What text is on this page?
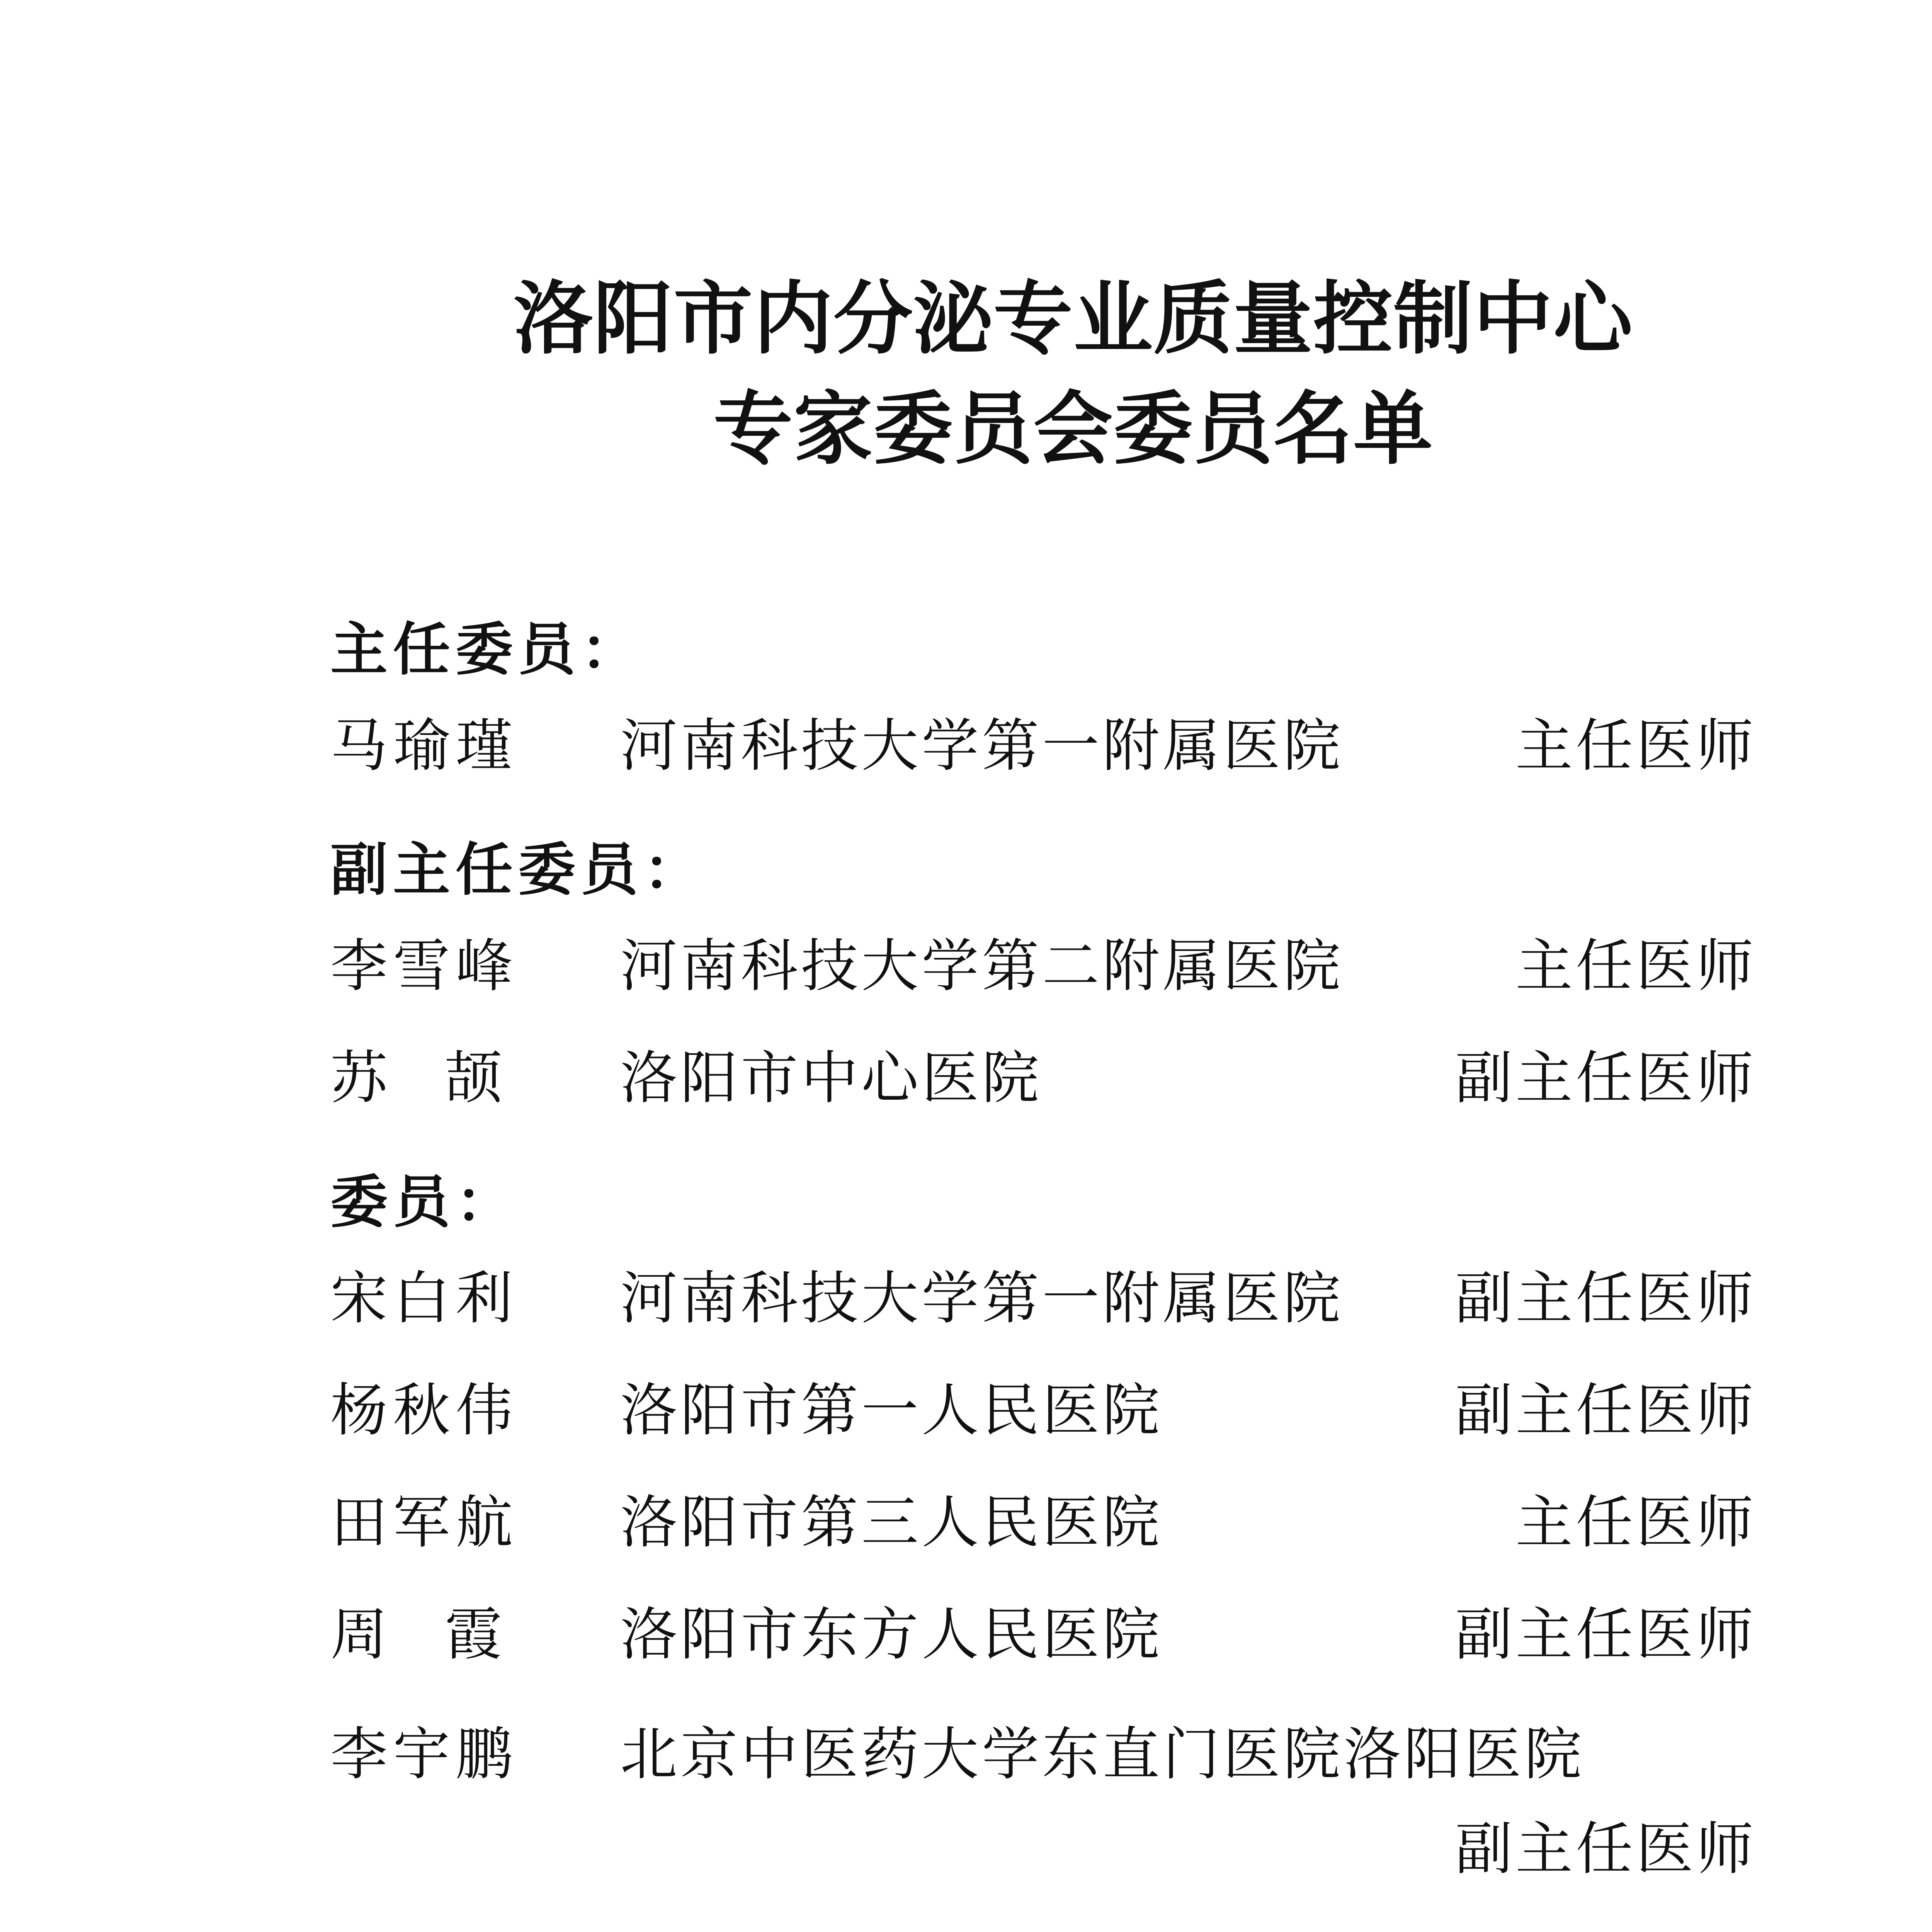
洛阳市内分泌专业质量控制中心
专家委员会委员名单

主任委员：

马瑜瑾 河南科技大学第一附属医院	主任医师

副主任委员：

李雪峰 河南科技大学第二附属医院	主任医师
苏　颉 洛阳市中心医院	副主任医师

委员：

宋白利 河南科技大学第一附属医院 副主任医师
杨秋伟 洛阳市第一人民医院	副主任医师
田军航 洛阳市第三人民医院	主任医师
周　霞 洛阳市东方人民医院	副主任医师
李宇鹏 北京中医药大学东直门医院洛阳医院
副主任医师
